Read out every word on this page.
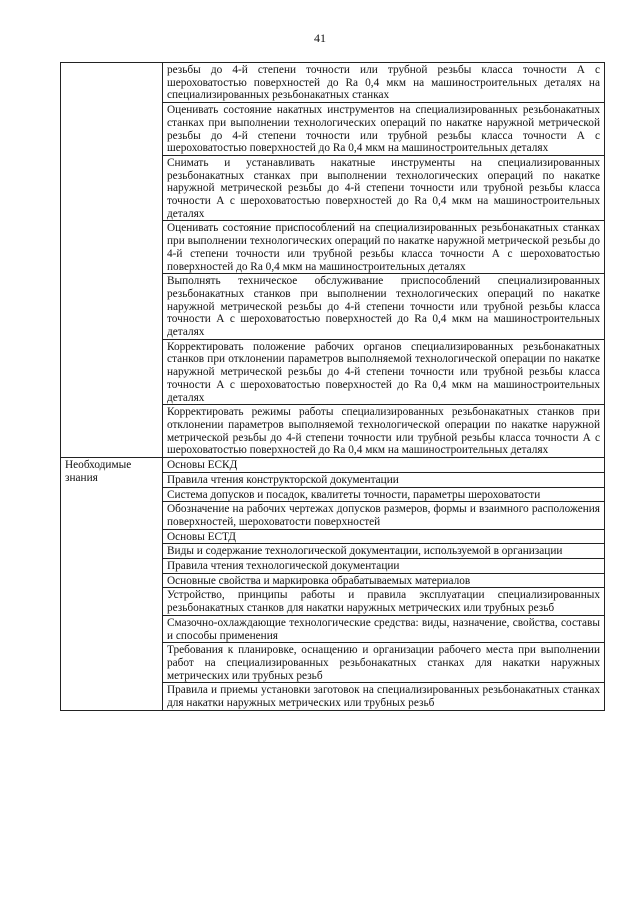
41
	резьбы до 4-й степени точности или трубной резьбы класса точности А с шероховатостью поверхностей до Ra 0,4 мкм на машиностроительных деталях на специализированных резьбонакатных станках
	Оценивать состояние накатных инструментов на специализированных резьбонакатных станках при выполнении технологических операций по накатке наружной метрической резьбы до 4-й степени точности или трубной резьбы класса точности А с шероховатостью поверхностей до Ra 0,4 мкм на машиностроительных деталях
	Снимать и устанавливать накатные инструменты на специализированных резьбонакатных станках при выполнении технологических операций по накатке наружной метрической резьбы до 4-й степени точности или трубной резьбы класса точности А с шероховатостью поверхностей до Ra 0,4 мкм на машиностроительных деталях
	Оценивать состояние приспособлений на специализированных резьбонакатных станках при выполнении технологических операций по накатке наружной метрической резьбы до 4-й степени точности или трубной резьбы класса точности А с шероховатостью поверхностей до Ra 0,4 мкм на машиностроительных деталях
	Выполнять техническое обслуживание приспособлений специализированных резьбонакатных станков при выполнении технологических операций по накатке наружной метрической резьбы до 4-й степени точности или трубной резьбы класса точности А с шероховатостью поверхностей до Ra 0,4 мкм на машиностроительных деталях
	Корректировать положение рабочих органов специализированных резьбонакатных станков при отклонении параметров выполняемой технологической операции по накатке наружной метрической резьбы до 4-й степени точности или трубной резьбы класса точности А с шероховатостью поверхностей до Ra 0,4 мкм на машиностроительных деталях
	Корректировать режимы работы специализированных резьбонакатных станков при отклонении параметров выполняемой технологической операции по накатке наружной метрической резьбы до 4-й степени точности или трубной резьбы класса точности А с шероховатостью поверхностей до Ra 0,4 мкм на машиностроительных деталях
Необходимые знания	Основы ЕСКД
	Правила чтения конструкторской документации
	Система допусков и посадок, квалитеты точности, параметры шероховатости
	Обозначение на рабочих чертежах допусков размеров, формы и взаимного расположения поверхностей, шероховатости поверхностей
	Основы ЕСТД
	Виды и содержание технологической документации, используемой в организации
	Правила чтения технологической документации
	Основные свойства и маркировка обрабатываемых материалов
	Устройство, принципы работы и правила эксплуатации специализированных резьбонакатных станков для накатки наружных метрических или трубных резьб
	Смазочно-охлаждающие технологические средства: виды, назначение, свойства, составы и способы применения
	Требования к планировке, оснащению и организации рабочего места при выполнении работ на специализированных резьбонакатных станках для накатки наружных метрических или трубных резьб
	Правила и приемы установки заготовок на специализированных резьбонакатных станках для накатки наружных метрических или трубных резьб
